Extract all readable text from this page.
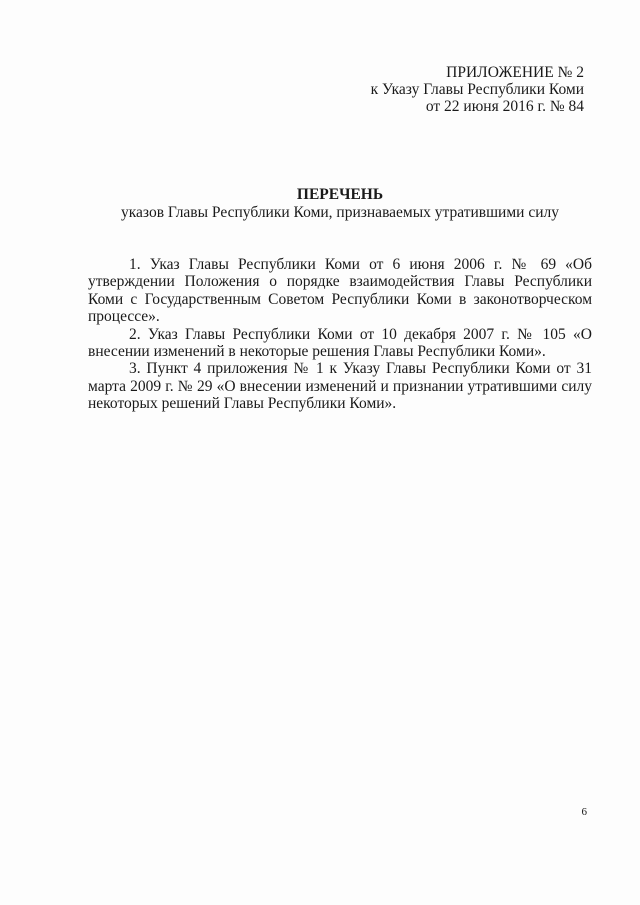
ПРИЛОЖЕНИЕ № 2
к Указу Главы Республики Коми
от 22 июня 2016 г. № 84
ПЕРЕЧЕНЬ
указов Главы Республики Коми, признаваемых утратившими силу

1. Указ Главы Республики Коми от 6 июня 2006 г. № 69 «Об утверждении Положения о порядке взаимодействия Главы Республики Коми с Государственным Советом Республики Коми в законотворческом процессе».

2. Указ Главы Республики Коми от 10 декабря 2007 г. № 105 «О внесении изменений в некоторые решения Главы Республики Коми».

3. Пункт 4 приложения № 1 к Указу Главы Республики Коми от 31 марта 2009 г. № 29 «О внесении изменений и признании утратившими силу некоторых решений Главы Республики Коми».

6
